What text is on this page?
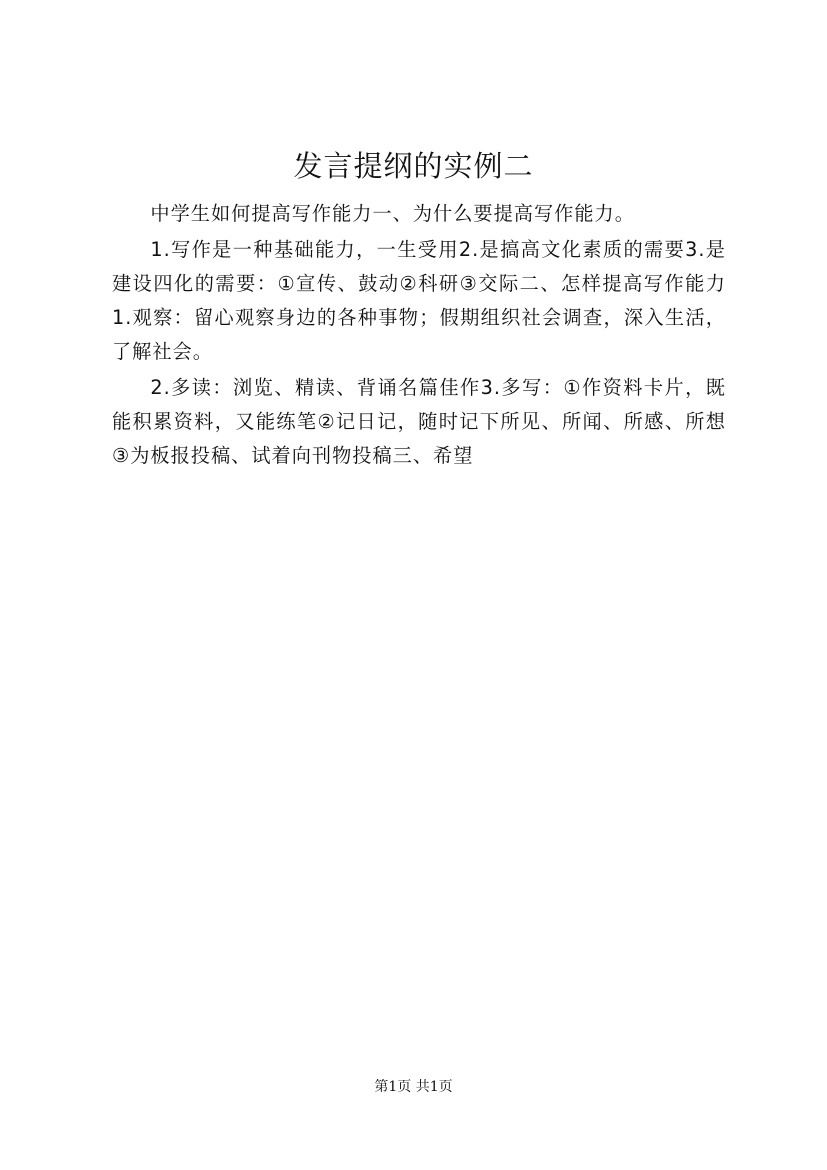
发言提纲的实例二

中学生如何提高写作能力一、为什么要提高写作能力。

1.写作是一种基础能力，一生受用2.是搞高文化素质的需要3.是建设四化的需要：①宣传、鼓动②科研③交际二、怎样提高写作能力1.观察：留心观察身边的各种事物；假期组织社会调查，深入生活，了解社会。

2.多读：浏览、精读、背诵名篇佳作3.多写：①作资料卡片，既能积累资料，又能练笔②记日记，随时记下所见、所闻、所感、所想③为板报投稿、试着向刊物投稿三、希望

第1页 共1页
